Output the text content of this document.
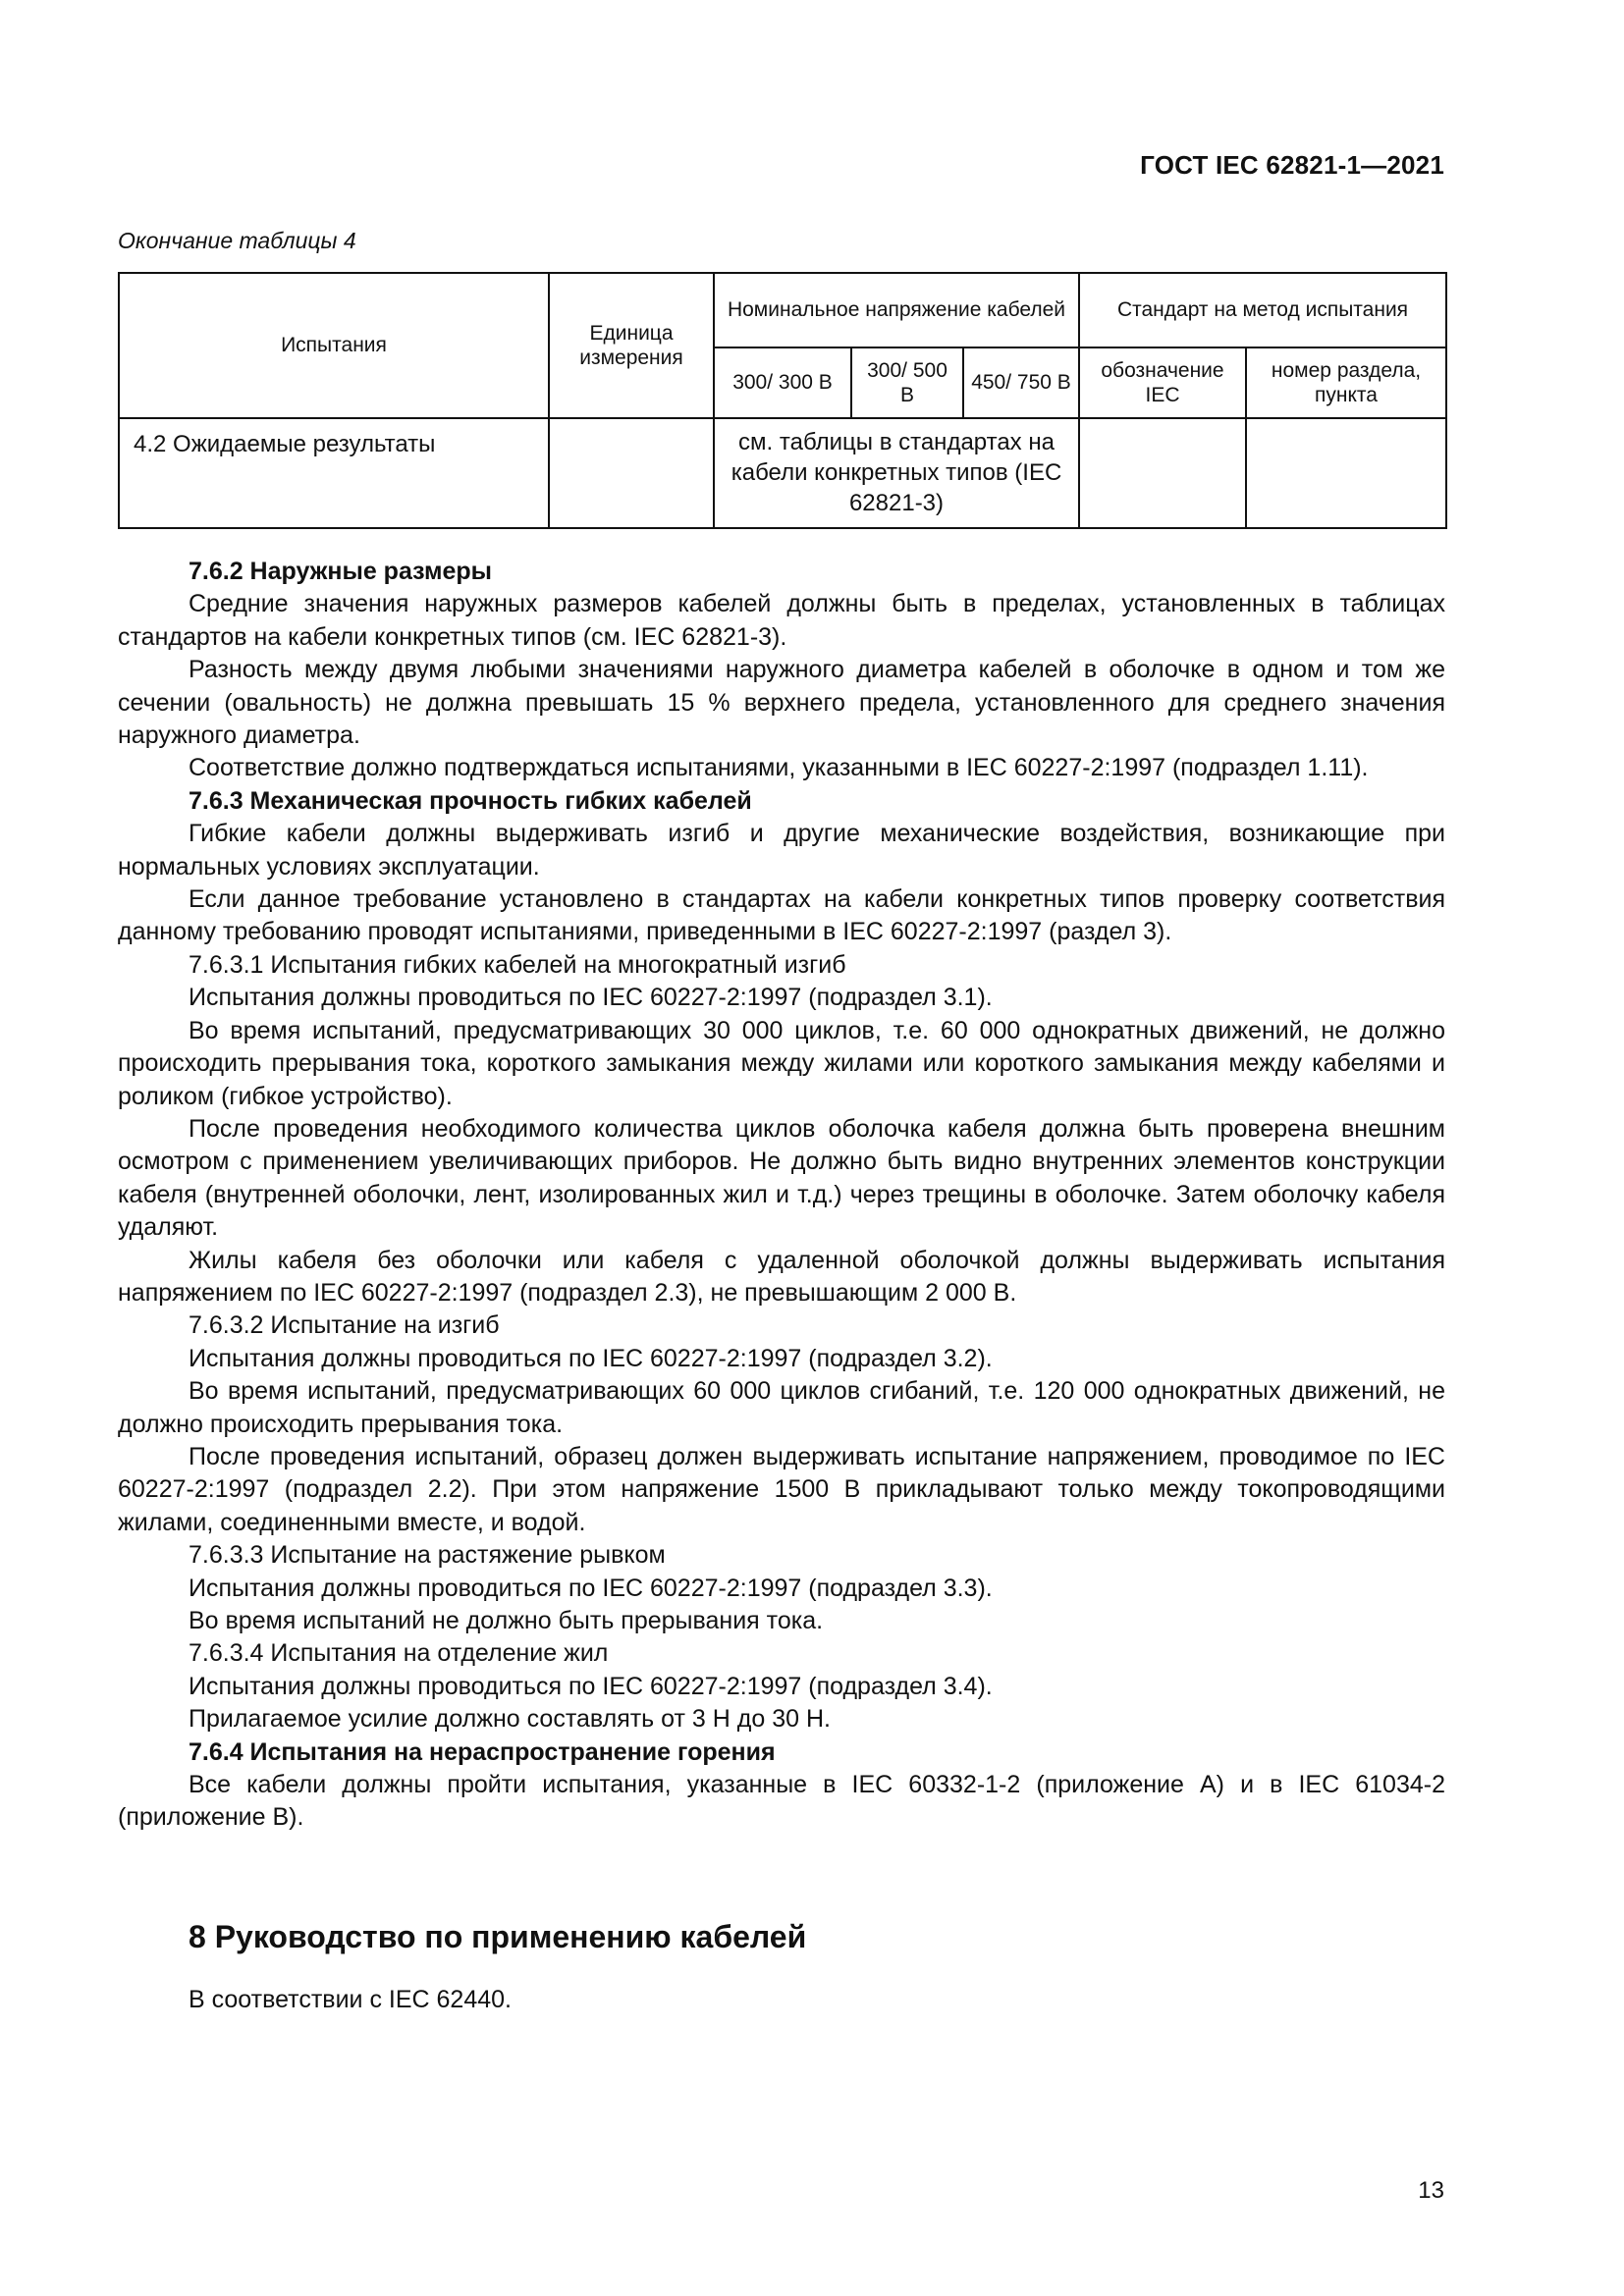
ГОСТ IEC 62821-1—2021
Окончание таблицы 4
Испытания	Единица измерения	Номинальное напряжение кабелей			Стандарт на метод испытания	
		300/ 300 В	300/ 500 В	450/ 750 В	обозначение IEC	номер раздела, пункта
4.2 Ожидаемые результаты		см. таблицы в стандартах на кабели конкретных типов (IEC 62821-3)				

7.6.2 Наружные размеры

Средние значения наружных размеров кабелей должны быть в пределах, установленных в таблицах стандартов на кабели конкретных типов (см. IEC 62821-3).

Разность между двумя любыми значениями наружного диаметра кабелей в оболочке в одном и том же сечении (овальность) не должна превышать 15 % верхнего предела, установленного для среднего значения наружного диаметра.

Соответствие должно подтверждаться испытаниями, указанными в IEC 60227-2:1997 (подраздел 1.11).

7.6.3 Механическая прочность гибких кабелей

Гибкие кабели должны выдерживать изгиб и другие механические воздействия, возникающие при нормальных условиях эксплуатации.

Если данное требование установлено в стандартах на кабели конкретных типов проверку соответствия данному требованию проводят испытаниями, приведенными в IEC 60227-2:1997 (раздел 3).

7.6.3.1 Испытания гибких кабелей на многократный изгиб

Испытания должны проводиться по IEC 60227-2:1997 (подраздел 3.1).

Во время испытаний, предусматривающих 30 000 циклов, т.е. 60 000 однократных движений, не должно происходить прерывания тока, короткого замыкания между жилами или короткого замыкания между кабелями и роликом (гибкое устройство).

После проведения необходимого количества циклов оболочка кабеля должна быть проверена внешним осмотром с применением увеличивающих приборов. Не должно быть видно внутренних элементов конструкции кабеля (внутренней оболочки, лент, изолированных жил и т.д.) через трещины в оболочке. Затем оболочку кабеля удаляют.

Жилы кабеля без оболочки или кабеля с удаленной оболочкой должны выдерживать испытания напряжением по IEC 60227-2:1997 (подраздел 2.3), не превышающим 2 000 В.

7.6.3.2 Испытание на изгиб

Испытания должны проводиться по IEC 60227-2:1997 (подраздел 3.2).

Во время испытаний, предусматривающих 60 000 циклов сгибаний, т.е. 120 000 однократных движений, не должно происходить прерывания тока.

После проведения испытаний, образец должен выдерживать испытание напряжением, проводимое по IEC 60227-2:1997 (подраздел 2.2). При этом напряжение 1500 В прикладывают только между токопроводящими жилами, соединенными вместе, и водой.

7.6.3.3 Испытание на растяжение рывком

Испытания должны проводиться по IEC 60227-2:1997 (подраздел 3.3).

Во время испытаний не должно быть прерывания тока.

7.6.3.4 Испытания на отделение жил

Испытания должны проводиться по IEC 60227-2:1997 (подраздел 3.4).

Прилагаемое усилие должно составлять от 3 Н до 30 Н.

7.6.4 Испытания на нераспространение горения

Все кабели должны пройти испытания, указанные в IEC 60332-1-2 (приложение А) и в IEC 61034-2 (приложение В).

8 Руководство по применению кабелей
В соответствии с IEC 62440.
13
